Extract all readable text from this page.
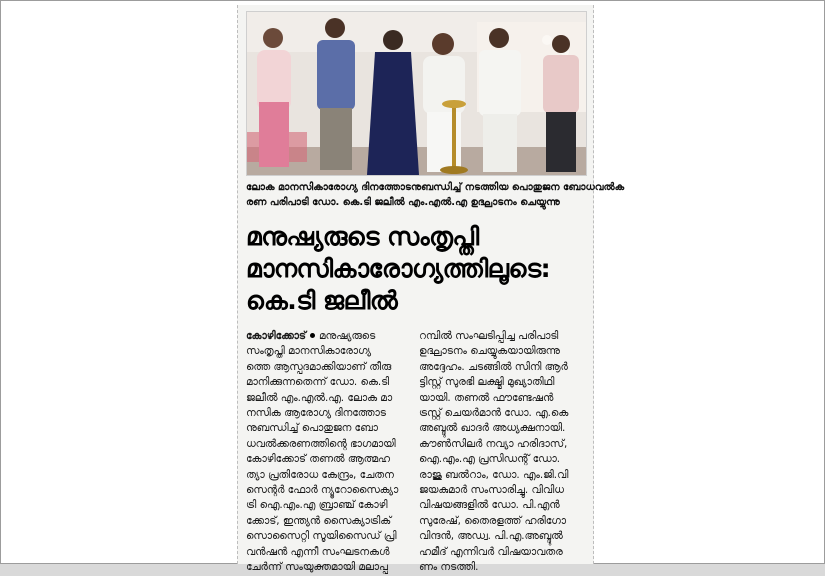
ലോക മാനസികാരോഗ്യ ദിനത്തോടനുബന്ധിച്ച് നടത്തിയ പൊതുജന ബോധവൽക
രണ പരിപാടി ഡോ. കെ.ടി ജലീൽ എം.എൽ.എ ഉദ്ഘാടനം ചെയ്യുന്നു
മനുഷ്യരുടെ സംതൃപ്തി
മാനസികാരോഗ്യത്തിലൂടെ:
കെ.ടി ജലീൽ
കോഴിക്കോട് മനുഷ്യരുടെ
സംതൃപ്തി മാനസികാരോഗ്യ
ത്തെ ആസ്പദമാക്കിയാണ് തീരു
മാനിക്കുന്നതെന്ന് ഡോ. കെ.ടി
ജലീൽ എം.എൽ.എ. ലോക മാ
നസിക ആരോഗ്യ ദിനത്തോട
നുബന്ധിച്ച് പൊതുജന ബോ
ധവൽക്കരണത്തിന്റെ ഭാഗമായി
കോഴിക്കോട് തണൽ ആത്മഹ
ത്യാ പ്രതിരോധ കേന്ദ്രം, ചേതന
സെന്റർ ഫോർ ന്യൂറോസൈക്യാ
ട്രി ഐ.എം.എ ബ്രാഞ്ച് കോഴി
ക്കോട്, ഇന്ത്യൻ സൈക്യാട്രിക്
സൊസൈറ്റി സൂയിസൈഡ് പ്രി
വൻഷൻ എന്നീ സംഘടനകൾ
ചേർന്ന് സംയുക്തമായി മലാപ്പ
റമ്പിൽ സംഘടിപ്പിച്ച പരിപാടി
ഉദ്ഘാടനം ചെയ്യുകയായിരുന്നു
അദ്ദേഹം. ചടങ്ങിൽ സിനി ആർ
ട്ടിസ്റ്റ് സുരഭി ലക്ഷ്മി മുഖ്യാതിഥി
യായി. തണൽ ഫൗണ്ടേഷൻ
ട്രസ്റ്റ് ചെയർമാൻ ഡോ. എ.കെ
അബ്ദുൽ ഖാദർ അധ്യക്ഷനായി.
കൗൺസിലർ നവ്യാ ഹരിദാസ്,
ഐ.എം.എ പ്രസിഡന്റ് ഡോ.
രാജു ബൽറാം, ഡോ. എം.ജി.വി
ജയകുമാർ സംസാരിച്ചു. വിവിധ
വിഷയങ്ങളിൽ ഡോ. പി.എൻ
സുരേഷ്, തൈരളത്ത് ഹരിഗോ
വിന്ദൻ, അഡ്വ. പി.എ.അബ്ദുൽ
ഹമീദ് എന്നിവർ വിഷയാവതര
ണം നടത്തി.
